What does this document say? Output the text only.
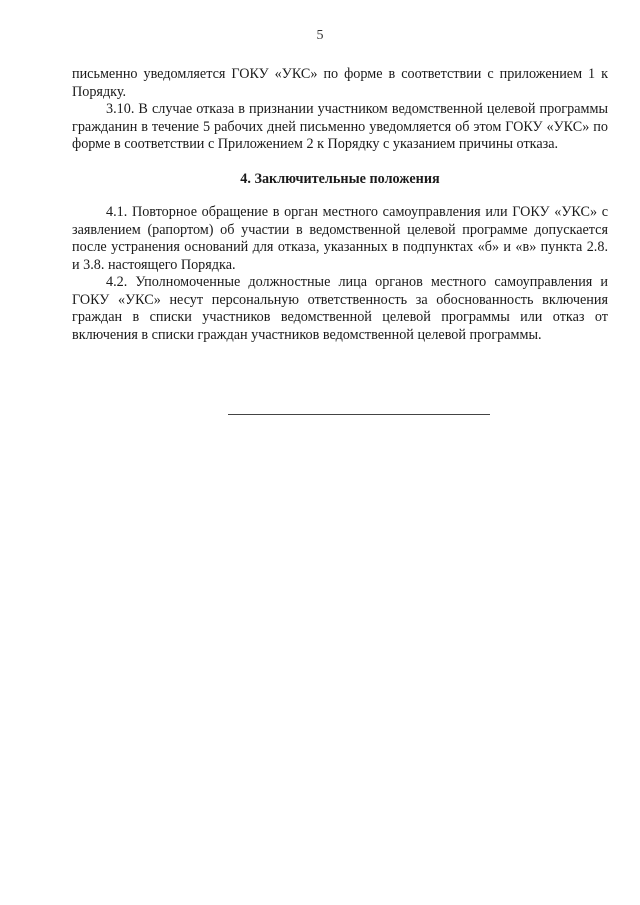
5

письменно уведомляется ГОКУ «УКС» по форме в соответствии с приложением 1 к Порядку.

3.10. В случае отказа в признании участником ведомственной целевой программы гражданин в течение 5 рабочих дней письменно уведомляется об этом ГОКУ «УКС» по форме в соответствии с Приложением 2 к Порядку с указанием причины отказа.

4. Заключительные положения

4.1. Повторное обращение в орган местного самоуправления или ГОКУ «УКС» с заявлением (рапортом) об участии в ведомственной целевой программе допускается после устранения оснований для отказа, указанных в подпунктах «б» и «в» пункта 2.8. и 3.8. настоящего Порядка.

4.2. Уполномоченные должностные лица органов местного самоуправления и ГОКУ «УКС» несут персональную ответственность за обоснованность включения граждан в списки участников ведомственной целевой программы или отказ от включения в списки граждан участников ведомственной целевой программы.
